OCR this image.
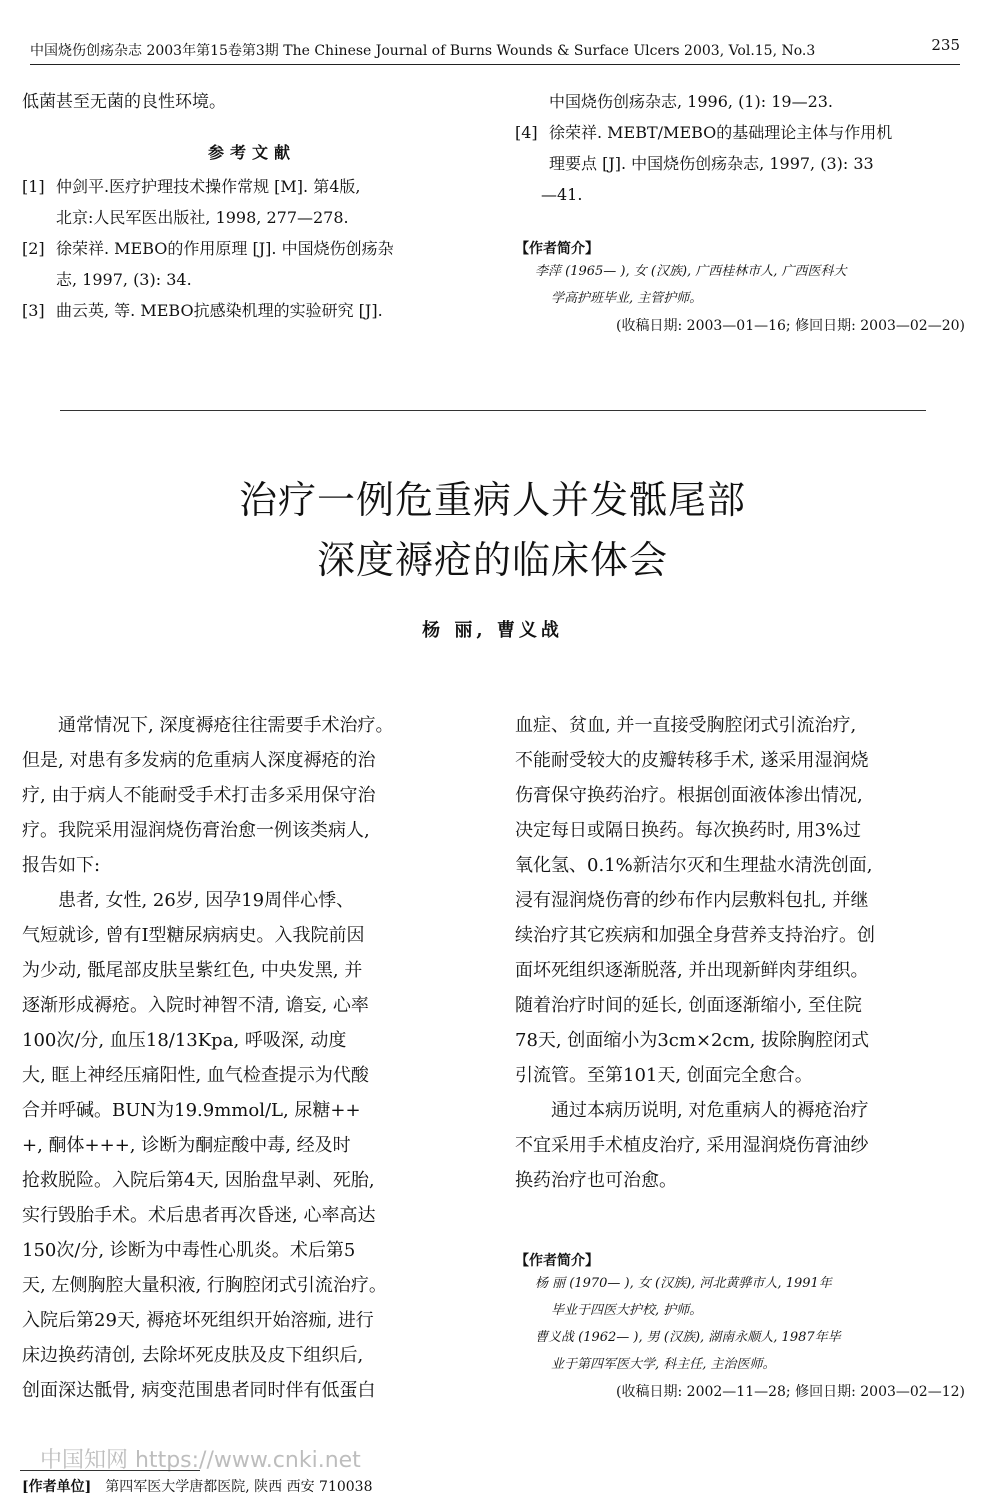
中国烧伤创疡杂志 2003年第15卷第3期 The Chinese Journal of Burns Wounds & Surface Ulcers 2003, Vol.15, No.3	235
低菌甚至无菌的良性环境。
参考文献
[1] 仲剑平.医疗护理技术操作常规 [M]. 第4版,
北京:人民军医出版社, 1998, 277—278.
[2] 徐荣祥. MEBO的作用原理 [J]. 中国烧伤创疡杂
志, 1997, (3): 34.
[3] 曲云英, 等. MEBO抗感染机理的实验研究 [J].
中国烧伤创疡杂志, 1996, (1): 19—23.
[4] 徐荣祥. MEBT/MEBO的基础理论主体与作用机
理要点 [J]. 中国烧伤创疡杂志, 1997, (3): 33
—41.
【作者简介】
李萍 (1965— ), 女 (汉族), 广西桂林市人, 广西医科大
学高护班毕业, 主管护师。
(收稿日期: 2003—01—16; 修回日期: 2003—02—20)
治疗一例危重病人并发骶尾部
深度褥疮的临床体会
杨 丽, 曹义战
通常情况下, 深度褥疮往往需要手术治疗。
但是, 对患有多发病的危重病人深度褥疮的治
疗, 由于病人不能耐受手术打击多采用保守治
疗。我院采用湿润烧伤膏治愈一例该类病人,
报告如下:
患者, 女性, 26岁, 因孕19周伴心悸、
气短就诊, 曾有Ⅰ型糖尿病病史。入我院前因
为少动, 骶尾部皮肤呈紫红色, 中央发黑, 并
逐渐形成褥疮。入院时神智不清, 谵妄, 心率
100次/分, 血压18/13Kpa, 呼吸深, 动度
大, 眶上神经压痛阳性, 血气检查提示为代酸
合并呼碱。BUN为19.9mmol/L, 尿糖++
+, 酮体+++, 诊断为酮症酸中毒, 经及时
抢救脱险。入院后第4天, 因胎盘早剥、死胎,
实行毁胎手术。术后患者再次昏迷, 心率高达
150次/分, 诊断为中毒性心肌炎。术后第5
天, 左侧胸腔大量积液, 行胸腔闭式引流治疗。
入院后第29天, 褥疮坏死组织开始溶痂, 进行
床边换药清创, 去除坏死皮肤及皮下组织后,
创面深达骶骨, 病变范围患者同时伴有低蛋白
血症、贫血, 并一直接受胸腔闭式引流治疗,
不能耐受较大的皮瓣转移手术, 遂采用湿润烧
伤膏保守换药治疗。根据创面液体渗出情况,
决定每日或隔日换药。每次换药时, 用3%过
氧化氢、0.1%新洁尔灭和生理盐水清洗创面,
浸有湿润烧伤膏的纱布作内层敷料包扎, 并继
续治疗其它疾病和加强全身营养支持治疗。创
面坏死组织逐渐脱落, 并出现新鲜肉芽组织。
随着治疗时间的延长, 创面逐渐缩小, 至住院
78天, 创面缩小为3cm×2cm, 拔除胸腔闭式
引流管。至第101天, 创面完全愈合。
通过本病历说明, 对危重病人的褥疮治疗
不宜采用手术植皮治疗, 采用湿润烧伤膏油纱
换药治疗也可治愈。
【作者简介】
杨 丽 (1970— ), 女 (汉族), 河北黄骅市人, 1991年
毕业于四医大护校, 护师。
曹义战 (1962— ), 男 (汉族), 湖南永顺人, 1987年毕
业于第四军医大学, 科主任, 主治医师。
(收稿日期: 2002—11—28; 修回日期: 2003—02—12)
中国知网 https://www.cnki.net
[作者单位] 第四军医大学唐都医院, 陕西 西安 710038
